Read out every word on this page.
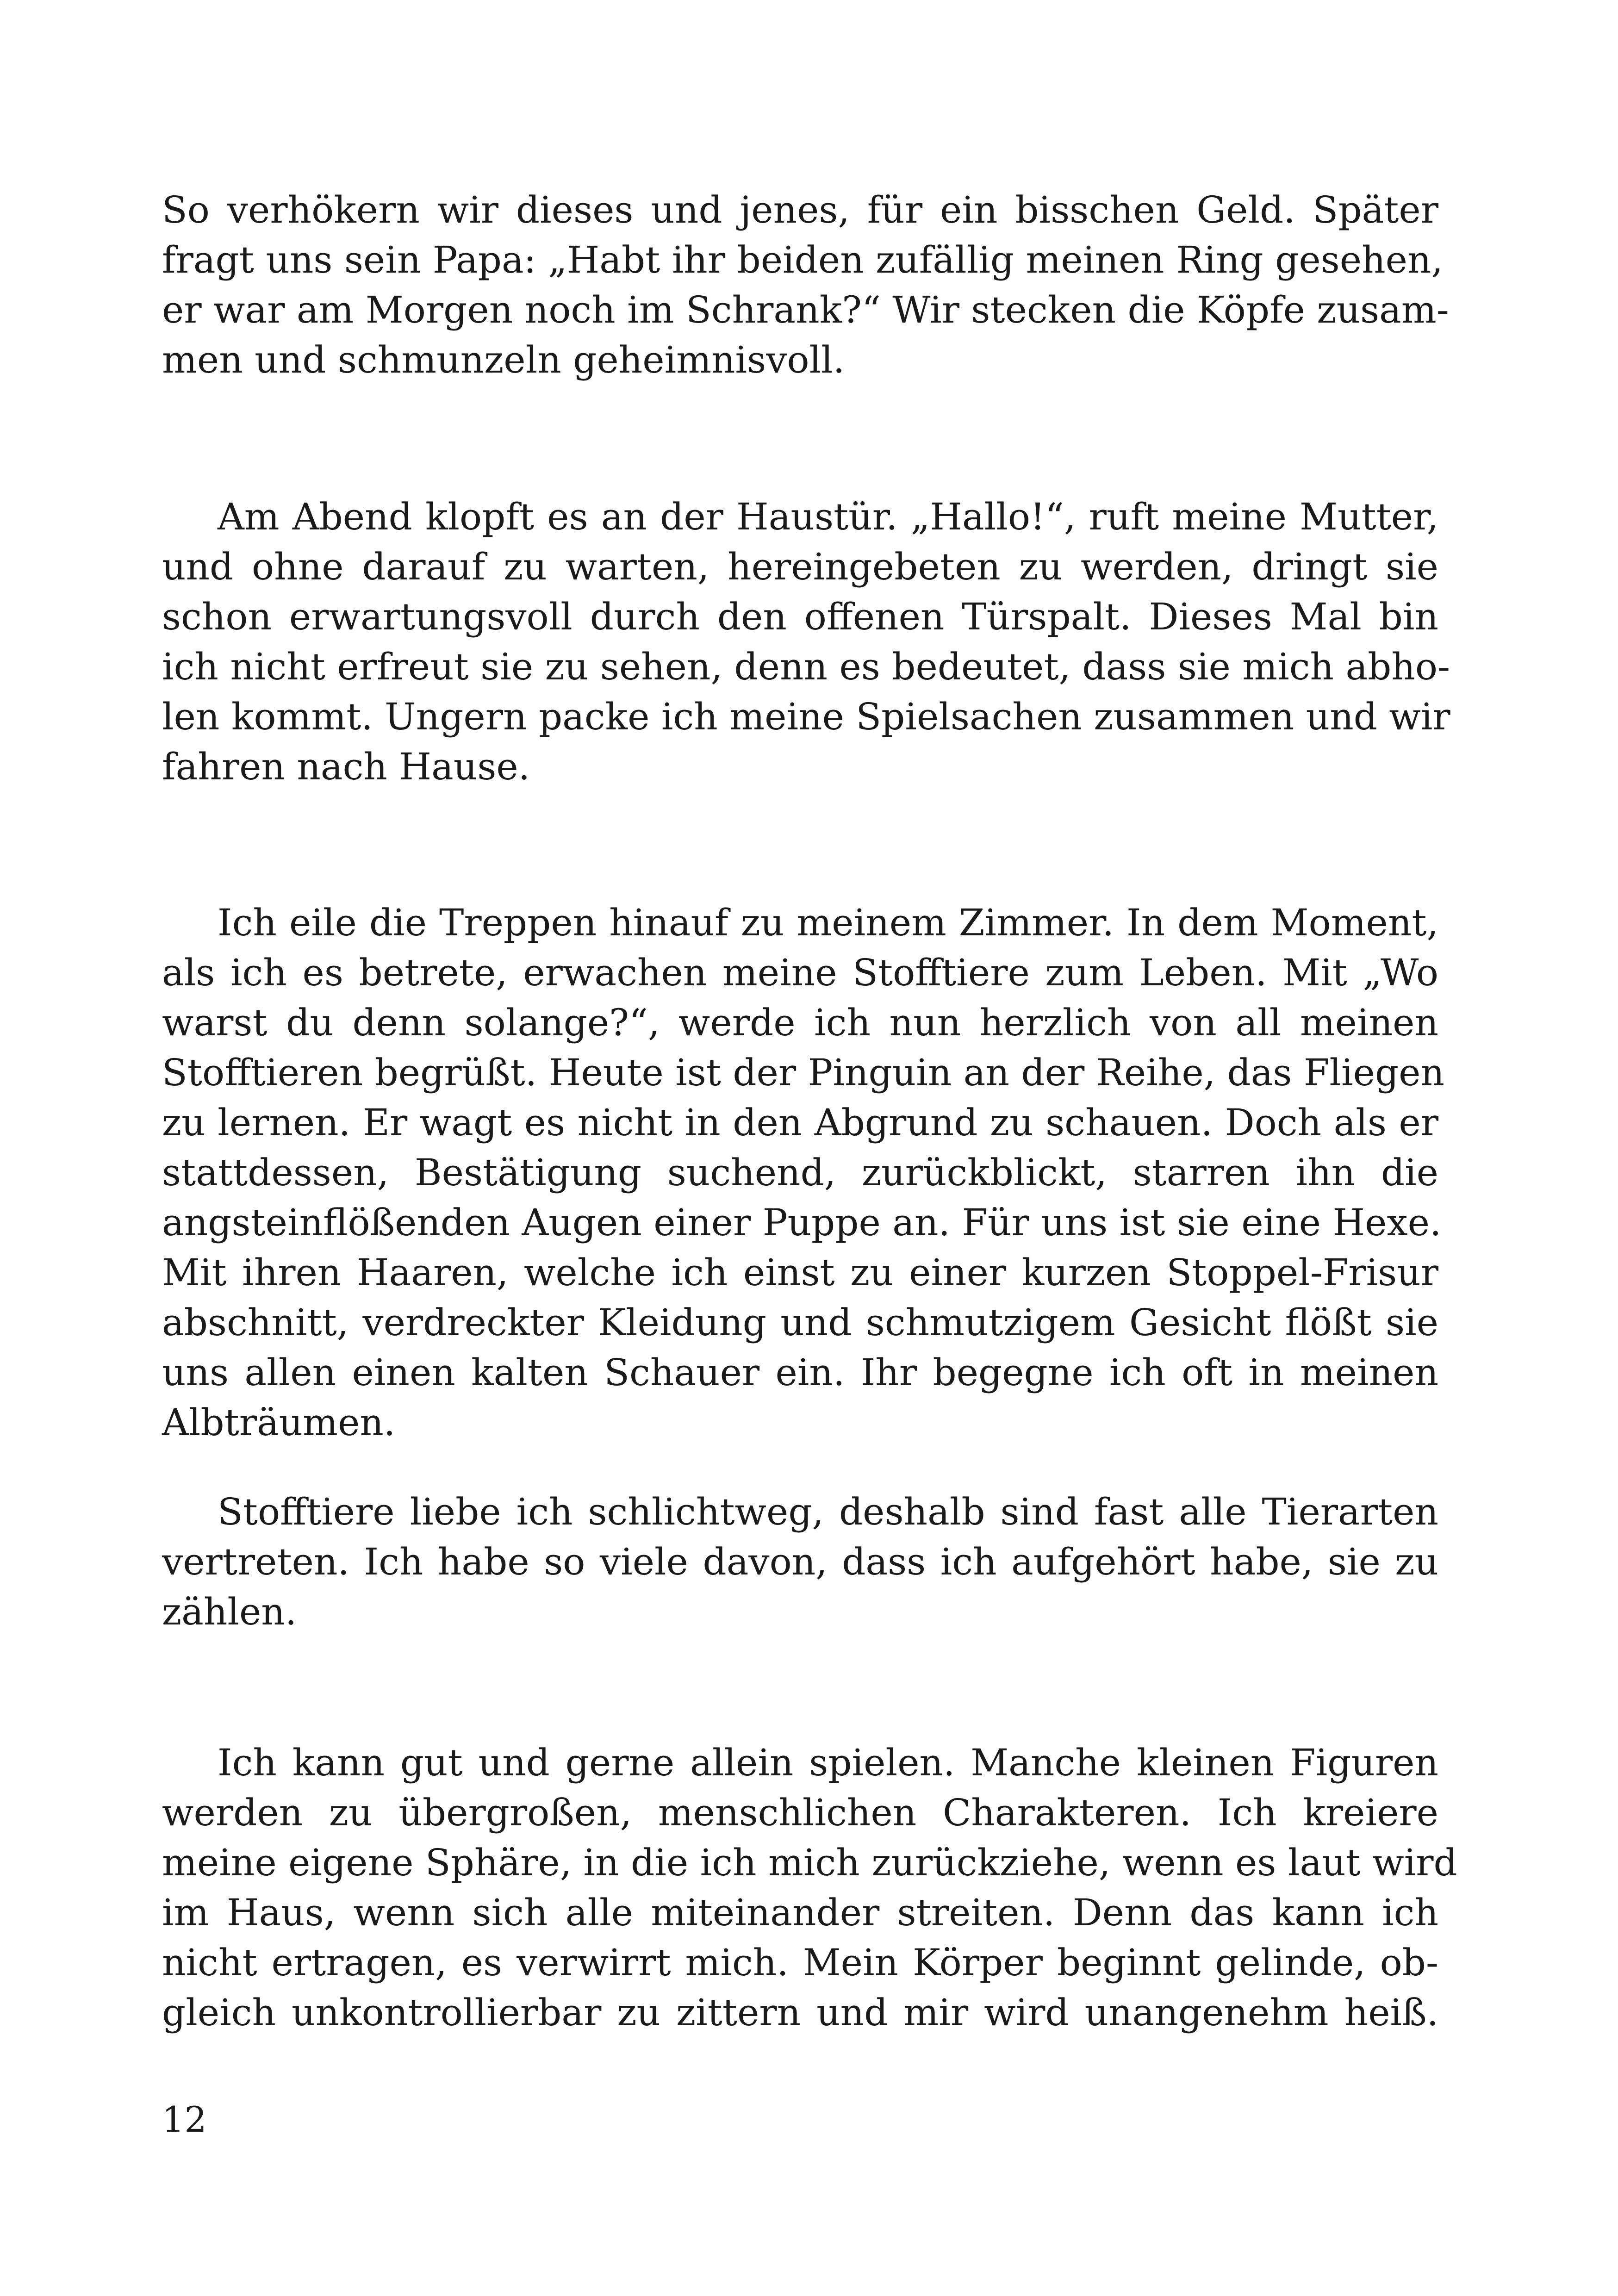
So verhökern wir dieses und jenes, für ein bisschen Geld. Später
fragt uns sein Papa: „Habt ihr beiden zufällig meinen Ring gesehen,
er war am Morgen noch im Schrank?“ Wir stecken die Köpfe zusam-
men und schmunzeln geheimnisvoll.
Am Abend klopft es an der Haustür. „Hallo!“, ruft meine Mutter,
und ohne darauf zu warten, hereingebeten zu werden, dringt sie
schon erwartungsvoll durch den offenen Türspalt. Dieses Mal bin
ich nicht erfreut sie zu sehen, denn es bedeutet, dass sie mich abho-
len kommt. Ungern packe ich meine Spielsachen zusammen und wir
fahren nach Hause.
Ich eile die Treppen hinauf zu meinem Zimmer. In dem Moment,
als ich es betrete, erwachen meine Stofftiere zum Leben. Mit „Wo
warst du denn solange?“, werde ich nun herzlich von all meinen
Stofftieren begrüßt. Heute ist der Pinguin an der Reihe, das Fliegen
zu lernen. Er wagt es nicht in den Abgrund zu schauen. Doch als er
stattdessen, Bestätigung suchend, zurückblickt, starren ihn die
angsteinflößenden Augen einer Puppe an. Für uns ist sie eine Hexe.
Mit ihren Haaren, welche ich einst zu einer kurzen Stoppel-Frisur
abschnitt, verdreckter Kleidung und schmutzigem Gesicht flößt sie
uns allen einen kalten Schauer ein. Ihr begegne ich oft in meinen
Albträumen.
Stofftiere liebe ich schlichtweg, deshalb sind fast alle Tierarten
vertreten. Ich habe so viele davon, dass ich aufgehört habe, sie zu
zählen.
Ich kann gut und gerne allein spielen. Manche kleinen Figuren
werden zu übergroßen, menschlichen Charakteren. Ich kreiere
meine eigene Sphäre, in die ich mich zurückziehe, wenn es laut wird
im Haus, wenn sich alle miteinander streiten. Denn das kann ich
nicht ertragen, es verwirrt mich. Mein Körper beginnt gelinde, ob-
gleich unkontrollierbar zu zittern und mir wird unangenehm heiß.
12
